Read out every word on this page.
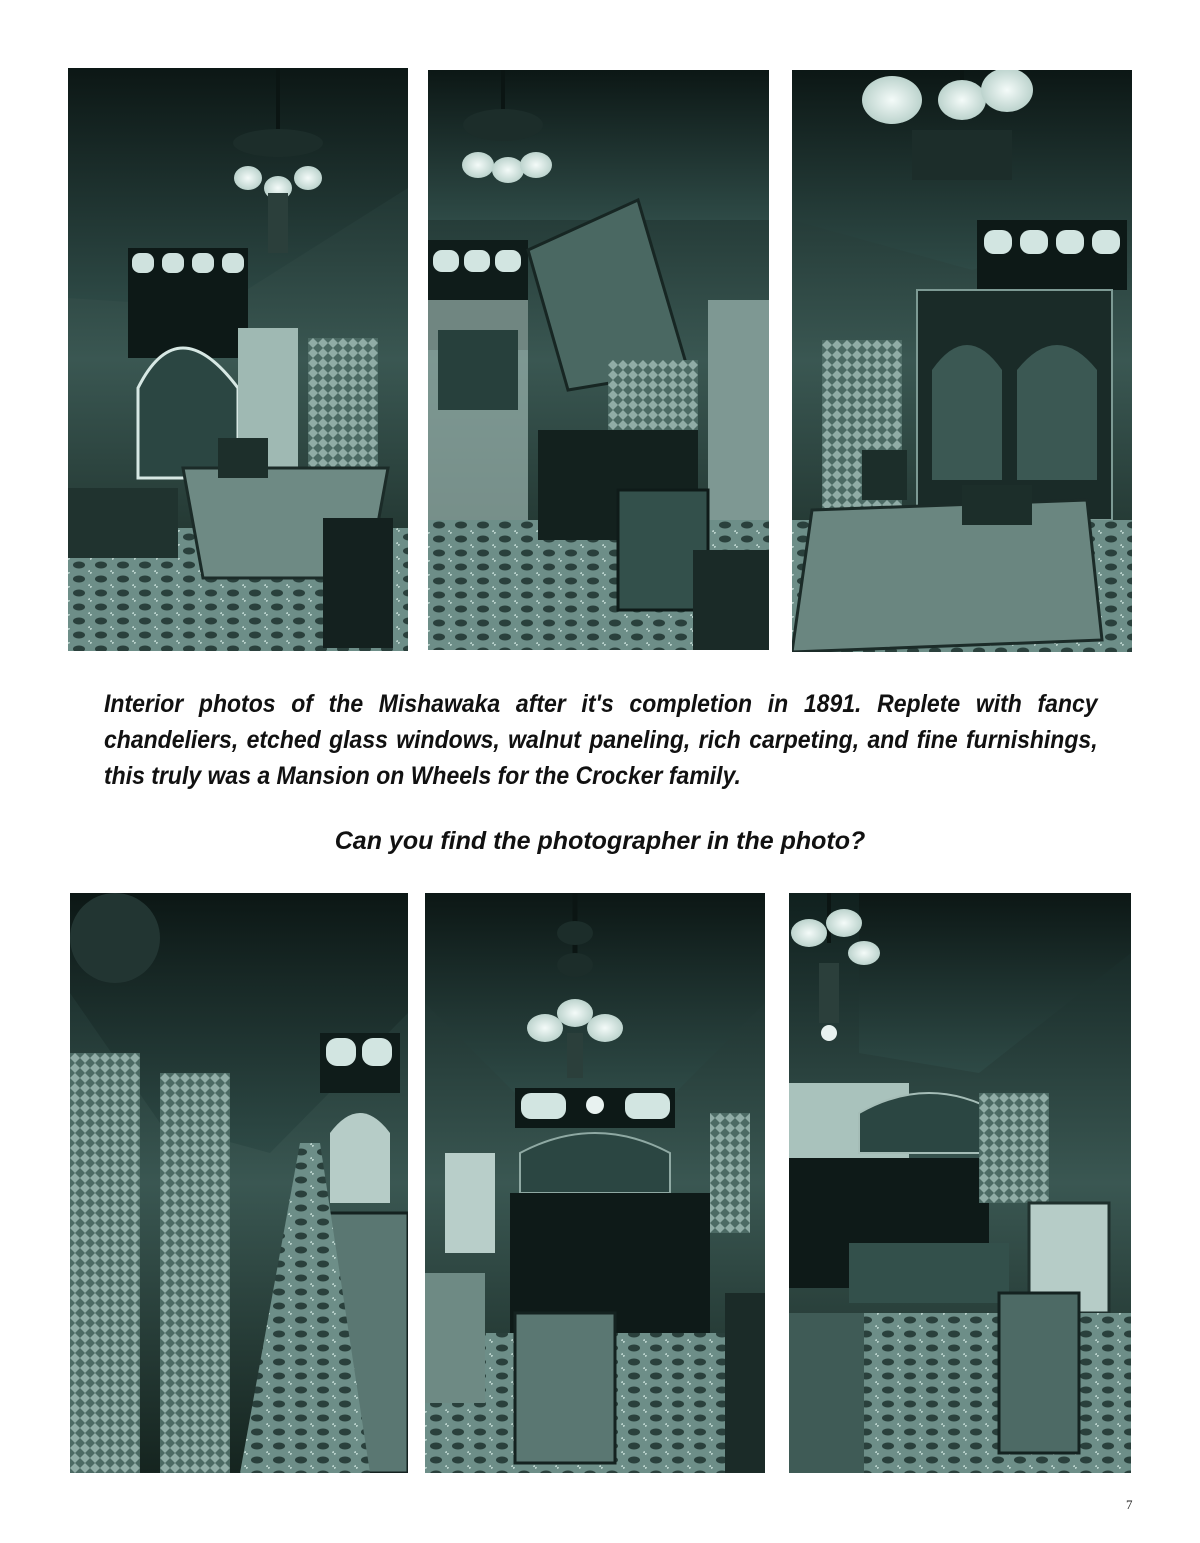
Interior photos of the Mishawaka after it's completion in 1891. Replete with fancy chandeliers, etched glass windows, walnut paneling, rich carpeting, and fine furnishings, this truly was a Mansion on Wheels for the Crocker family.
Can you find the photographer in the photo?
7
